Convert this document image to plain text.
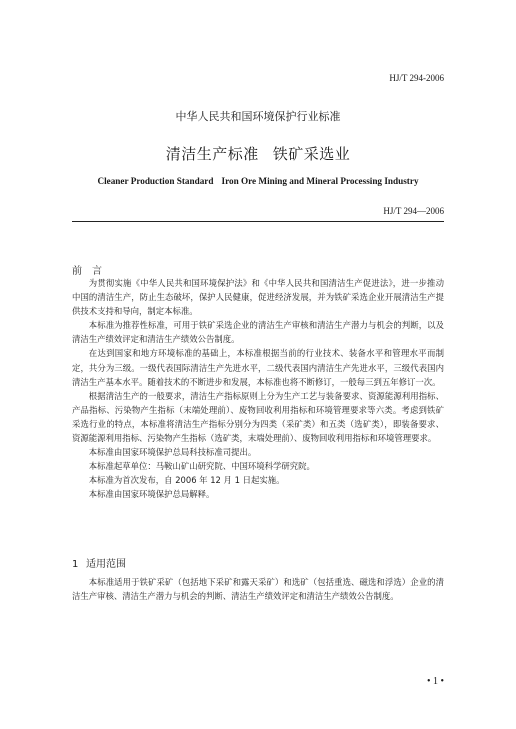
HJ/T 294-2006
中华人民共和国环境保护行业标准
清洁生产标准 铁矿采选业
Cleaner Production Standard Iron Ore Mining and Mineral Processing Industry
HJ/T 294—2006
前言

为贯彻实施《中华人民共和国环境保护法》和《中华人民共和国清洁生产促进法》，进一步推动中国的清洁生产，防止生态破坏，保护人民健康，促进经济发展，并为铁矿采选企业开展清洁生产提供技术支持和导向，制定本标准。

本标准为推荐性标准，可用于铁矿采选企业的清洁生产审核和清洁生产潜力与机会的判断，以及清洁生产绩效评定和清洁生产绩效公告制度。

在达到国家和地方环境标准的基础上，本标准根据当前的行业技术、装备水平和管理水平而制定，共分为三级。一级代表国际清洁生产先进水平，二级代表国内清洁生产先进水平，三级代表国内清洁生产基本水平。随着技术的不断进步和发展，本标准也将不断修订，一般每三到五年修订一次。

根据清洁生产的一般要求，清洁生产指标原则上分为生产工艺与装备要求、资源能源利用指标、产品指标、污染物产生指标（末端处理前）、废物回收利用指标和环境管理要求等六类。考虑到铁矿采选行业的特点，本标准将清洁生产指标分别分为四类（采矿类）和五类（选矿类），即装备要求、资源能源利用指标、污染物产生指标（选矿类，末端处理前）、废物回收利用指标和环境管理要求。

本标准由国家环境保护总局科技标准司提出。

本标准起草单位：马鞍山矿山研究院、中国环境科学研究院。

本标准为首次发布，自 2006 年 12 月 1 日起实施。

本标准由国家环境保护总局解释。

1 适用范围

本标准适用于铁矿采矿（包括地下采矿和露天采矿）和选矿（包括重选、磁选和浮选）企业的清洁生产审核、清洁生产潜力与机会的判断、清洁生产绩效评定和清洁生产绩效公告制度。

• 1 •
